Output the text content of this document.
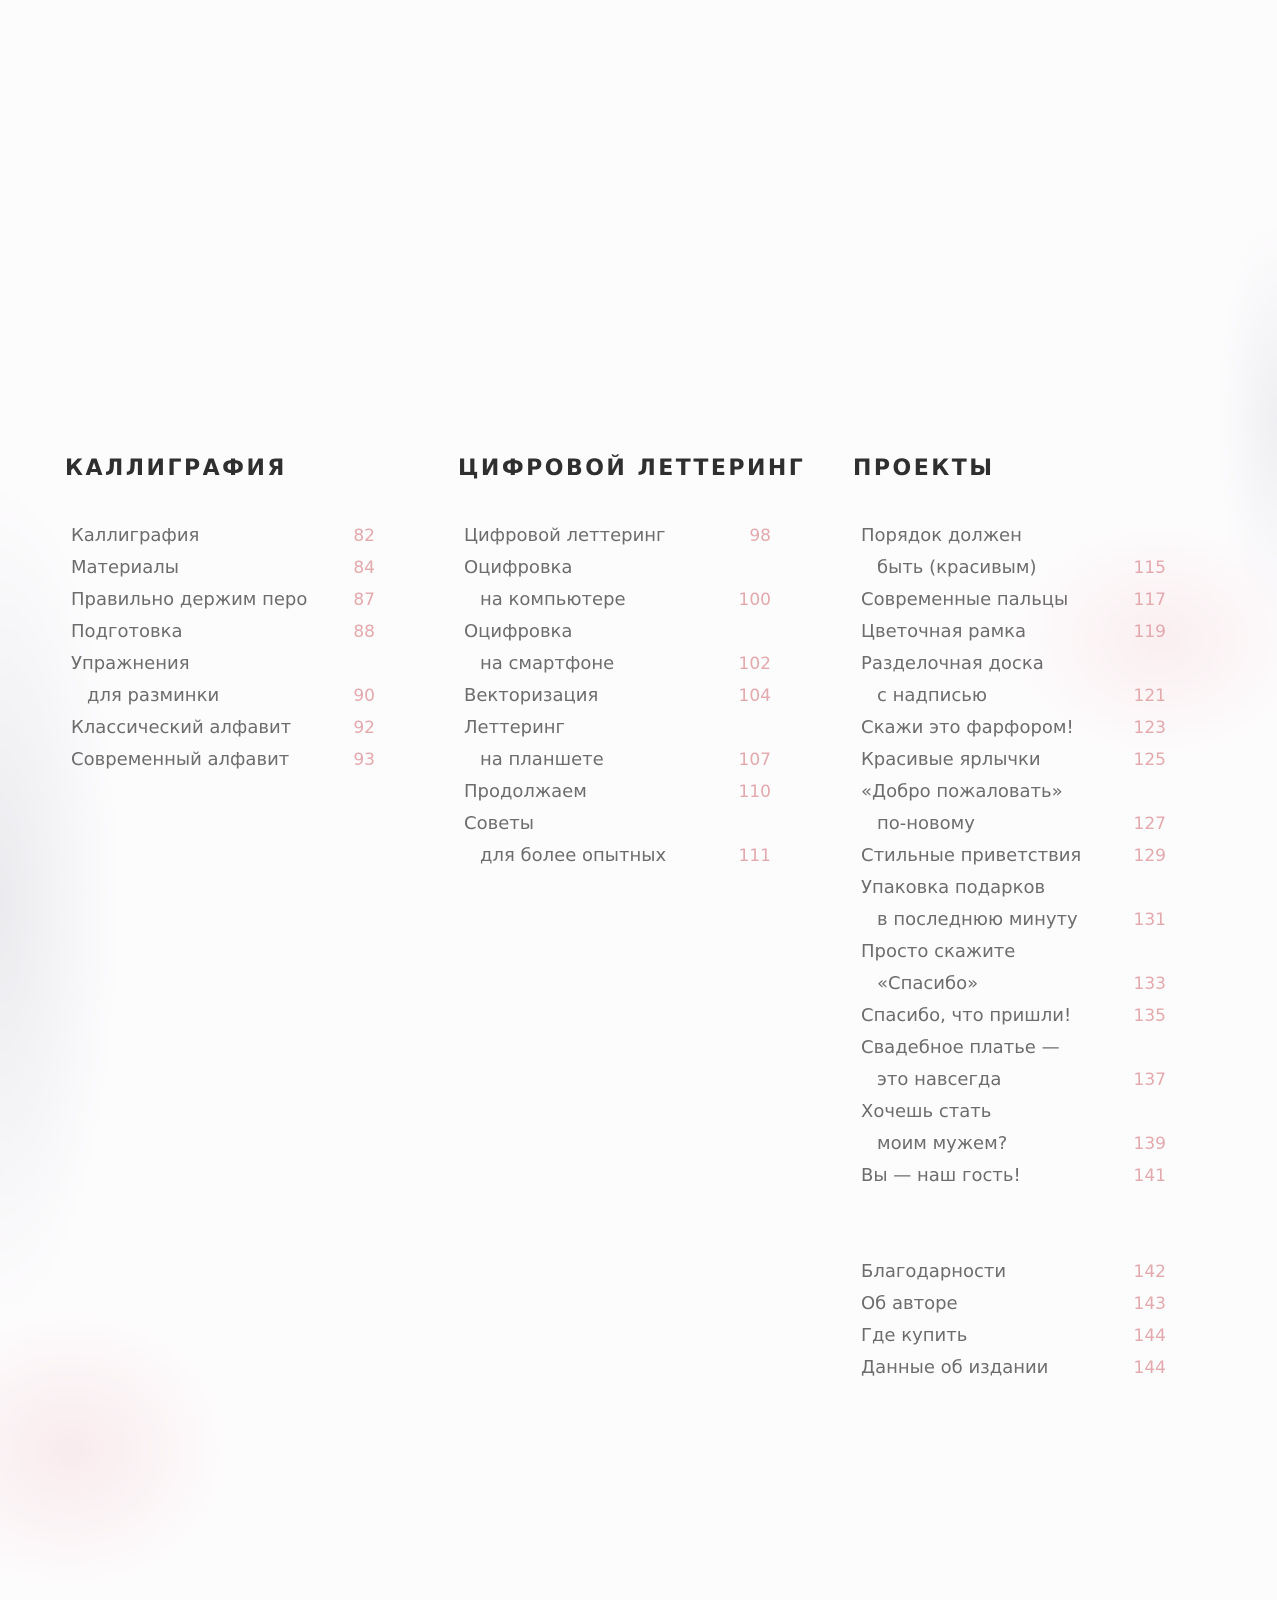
КАЛЛИГРАФИЯ
Каллиграфия	82
Материалы	84
Правильно держим перо	87
Подготовка	88
Упражнения
для разминки	90
Классический алфавит	92
Современный алфавит	93
ЦИФРОВОЙ ЛЕТТЕРИНГ
Цифровой леттеринг	98
Оцифровка
на компьютере	100
Оцифровка
на смартфоне	102
Векторизация	104
Леттеринг
на планшете	107
Продолжаем	110
Советы
для более опытных	111
ПРОЕКТЫ
Порядок должен
быть (красивым)	115
Современные пальцы	117
Цветочная рамка	119
Разделочная доска
с надписью	121
Скажи это фарфором!	123
Красивые ярлычки	125
«Добро пожаловать»
по-новому	127
Стильные приветствия	129
Упаковка подарков
в последнюю минуту	131
Просто скажите
«Спасибо»	133
Спасибо, что пришли!	135
Свадебное платье —
это навсегда	137
Хочешь стать
моим мужем?	139
Вы — наш гость!	141
Благодарности	142
Об авторе	143
Где купить	144
Данные об издании	144
